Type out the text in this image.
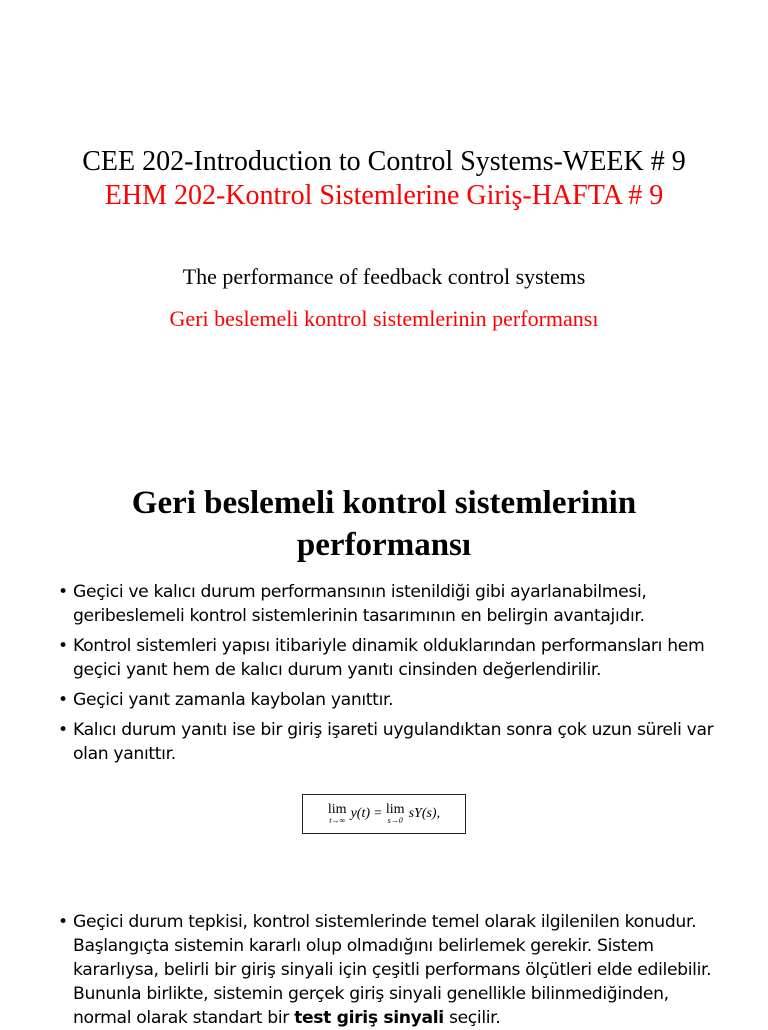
CEE 202-Introduction to Control Systems-WEEK # 9
EHM 202-Kontrol Sistemlerine Giriş-HAFTA # 9
The performance of feedback control systems
Geri beslemeli kontrol sistemlerinin performansı
Geri beslemeli kontrol sistemlerinin
performansı
• Geçici ve kalıcı durum performansının istenildiği gibi ayarlanabilmesi, geribeslemeli kontrol sistemlerinin tasarımının en belirgin avantajıdır.
• Kontrol sistemleri yapısı itibariyle dinamik olduklarından performansları hem geçici yanıt hem de kalıcı durum yanıtı cinsinden değerlendirilir.
• Geçici yanıt zamanla kaybolan yanıttır.
• Kalıcı durum yanıtı ise bir giriş işareti uygulandıktan sonra çok uzun süreli var olan yanıttır.
lim
t→∞ y(t) = lim
s→0 sY(s),
• Geçici durum tepkisi, kontrol sistemlerinde temel olarak ilgilenilen konudur. Başlangıçta sistemin kararlı olup olmadığını belirlemek gerekir. Sistem kararlıysa, belirli bir giriş sinyali için çeşitli performans ölçütleri elde edilebilir. Bununla birlikte, sistemin gerçek giriş sinyali genellikle bilinmediğinden, normal olarak standart bir test giriş sinyali seçilir.
